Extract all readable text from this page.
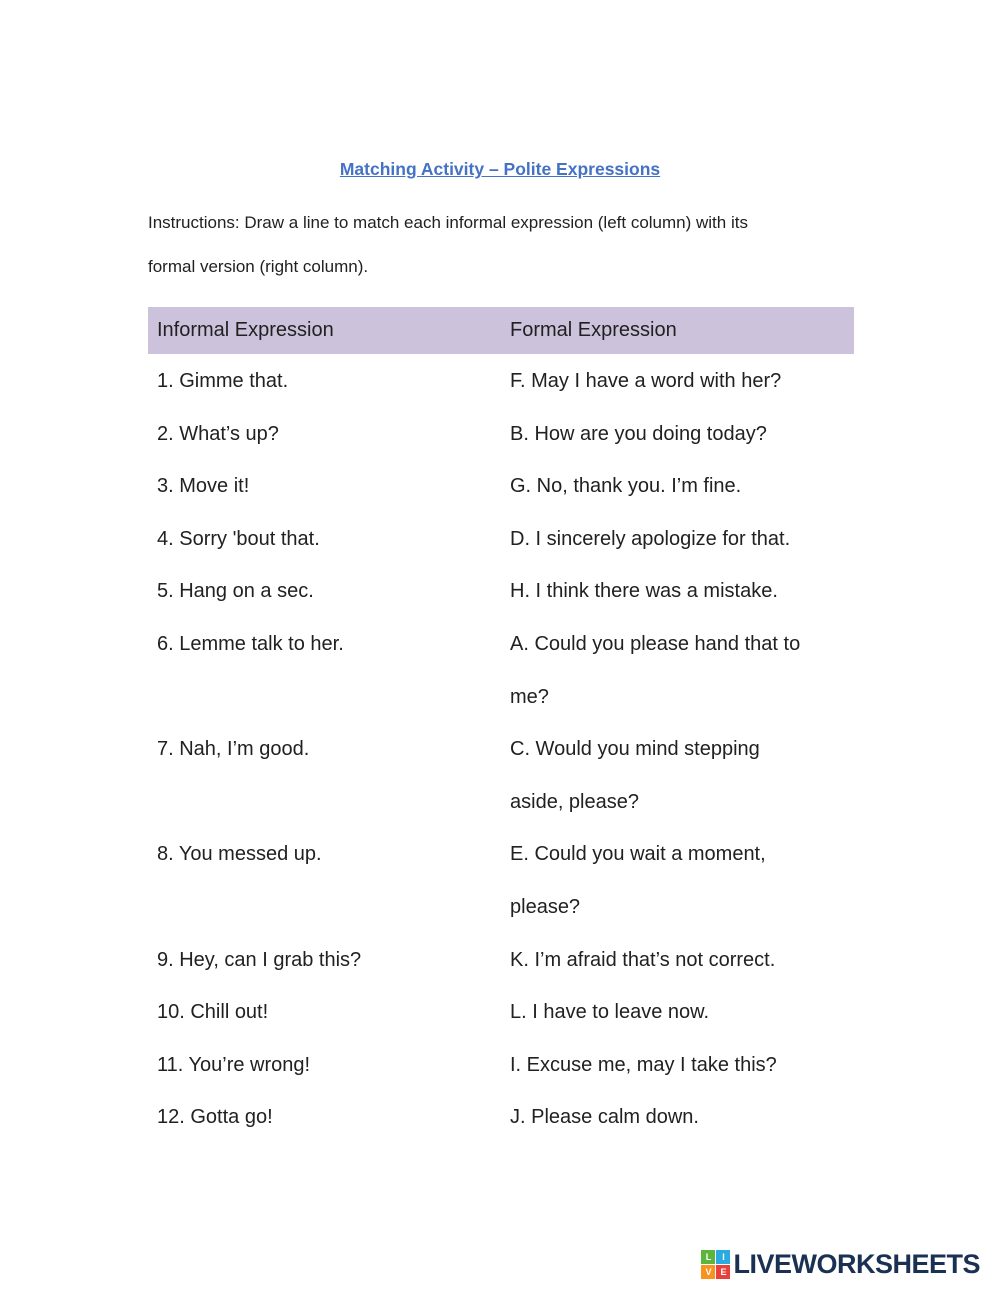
Matching Activity – Polite Expressions
Instructions: Draw a line to match each informal expression (left column) with its
formal version (right column).
Informal Expression	Formal Expression
1. Gimme that.	F. May I have a word with her?
2. What’s up?	B. How are you doing today?
3. Move it!	G. No, thank you. I’m fine.
4. Sorry 'bout that.	D. I sincerely apologize for that.
5. Hang on a sec.	H. I think there was a mistake.
6. Lemme talk to her.	A. Could you please hand that to
me?
7. Nah, I’m good.	C. Would you mind stepping
aside, please?
8. You messed up.	E. Could you wait a moment,
please?
9. Hey, can I grab this?	K. I’m afraid that’s not correct.
10. Chill out!	L. I have to leave now.
11. You’re wrong!	I. Excuse me, may I take this?
12. Gotta go!	J. Please calm down.
L	I
V E LIVEWORKSHEETS
